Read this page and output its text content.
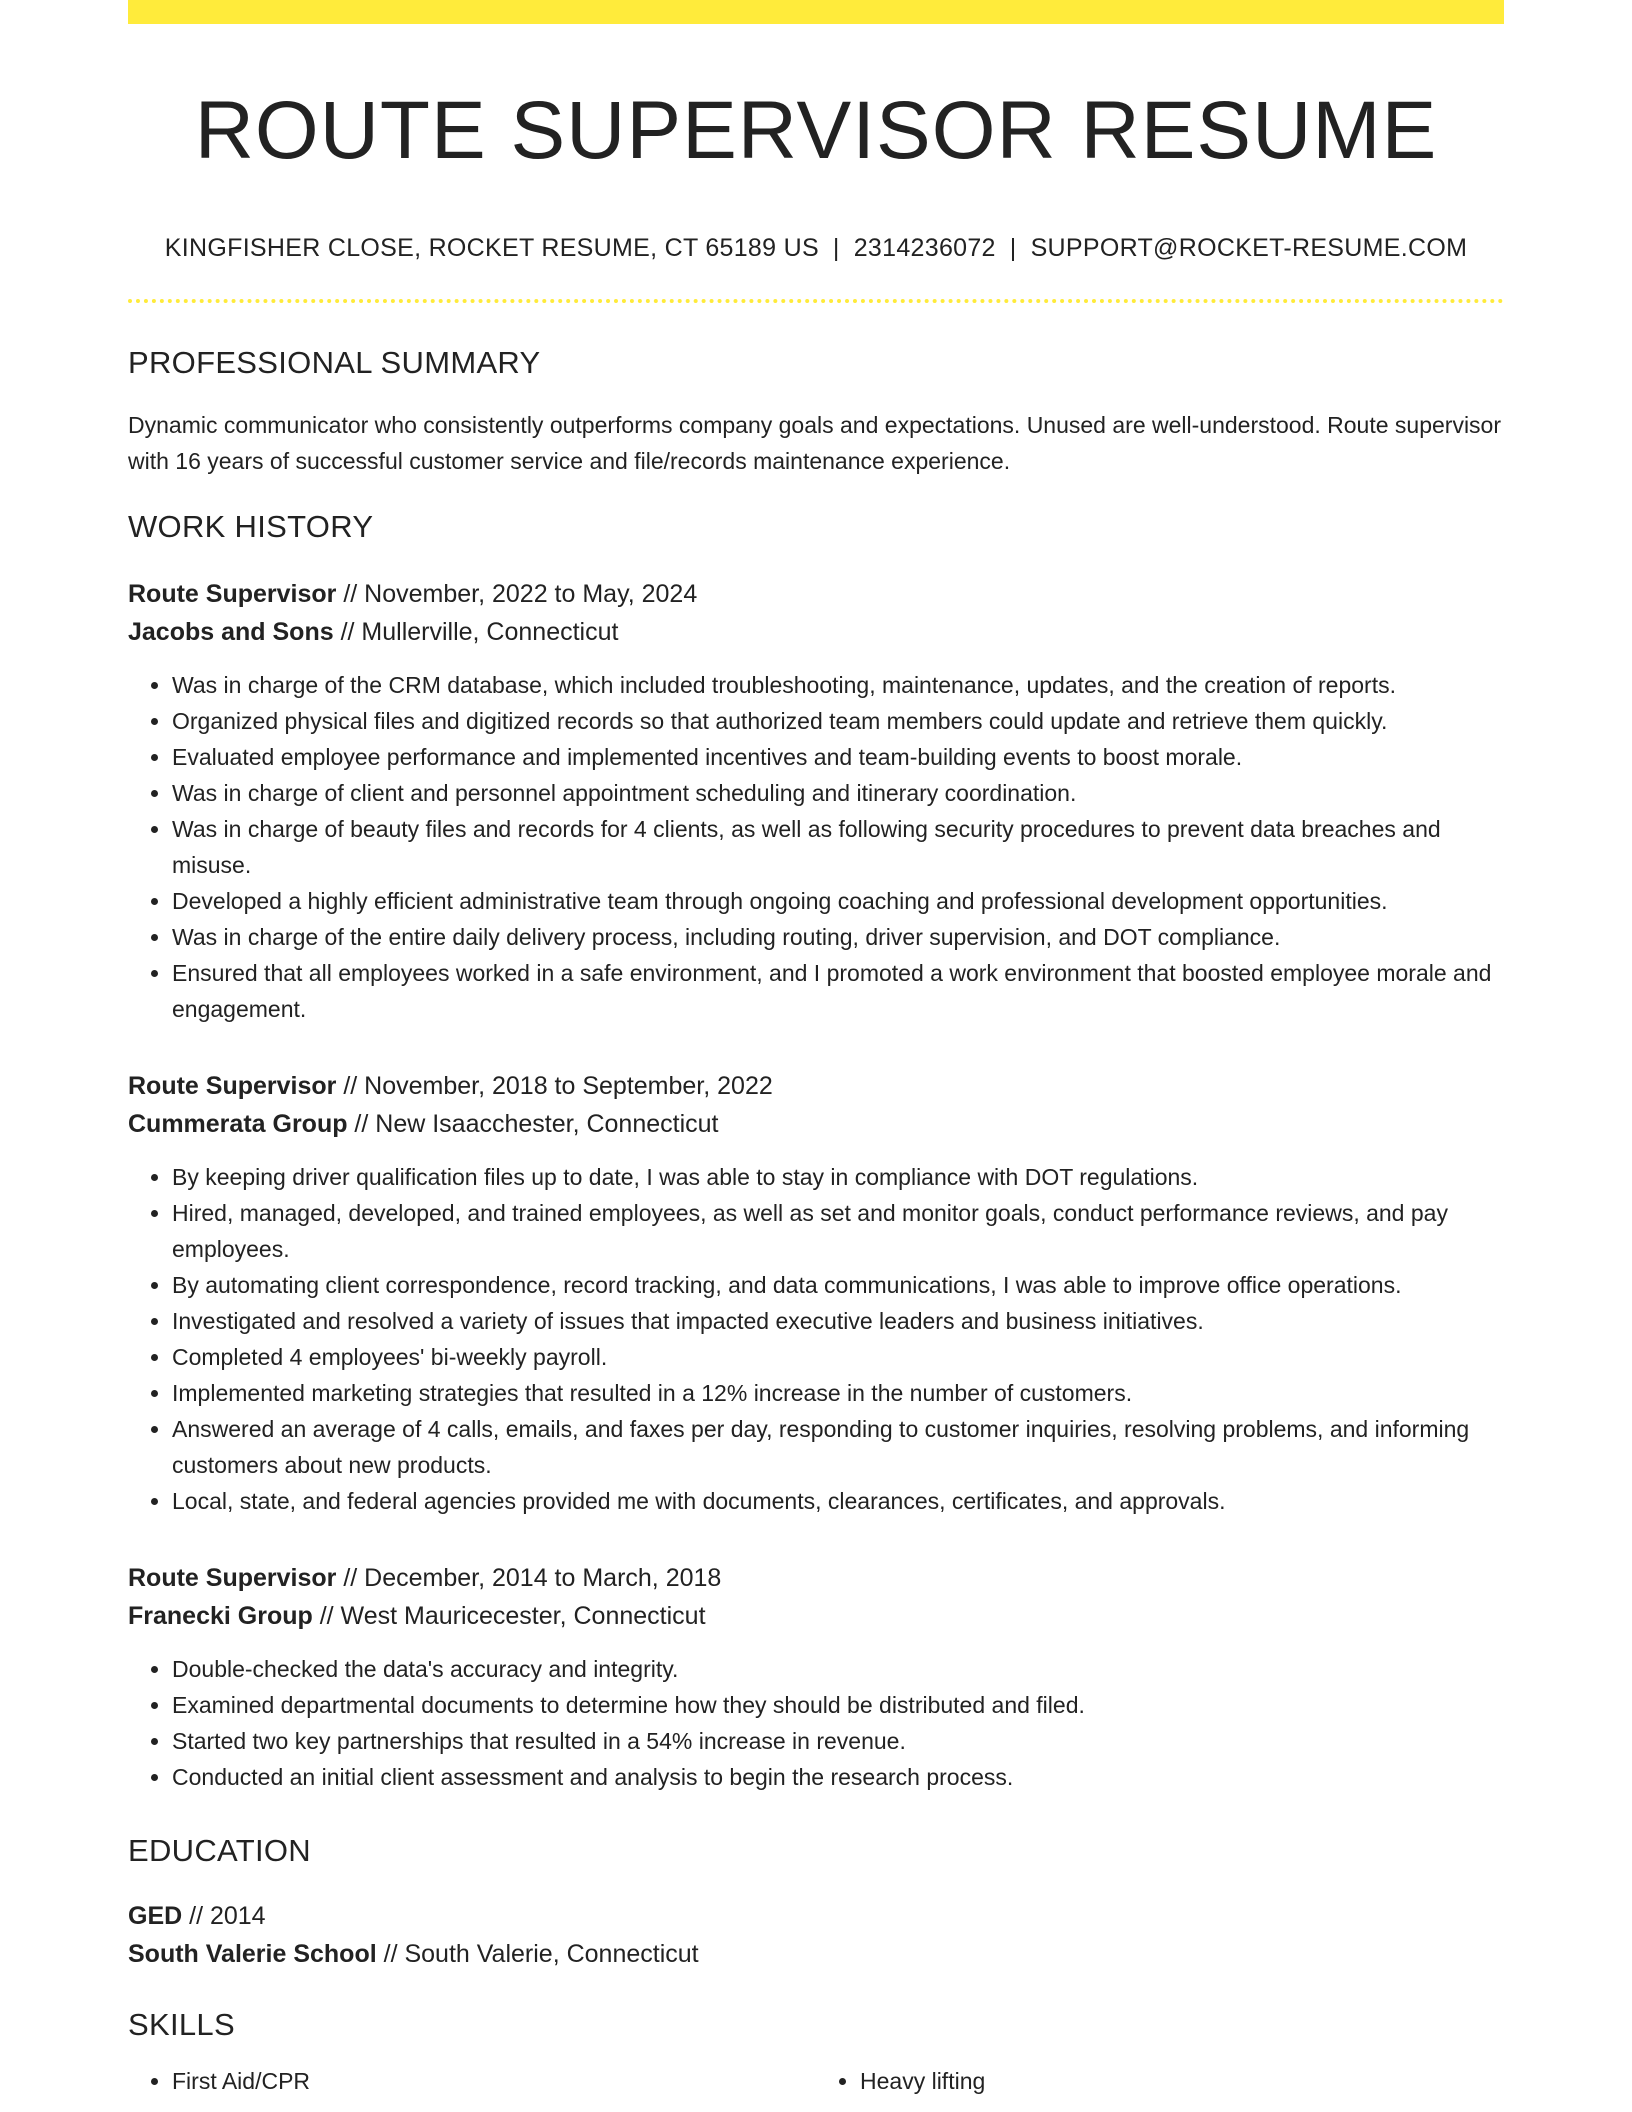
ROUTE SUPERVISOR RESUME
KINGFISHER CLOSE, ROCKET RESUME, CT 65189 US | 2314236072 | SUPPORT@ROCKET-RESUME.COM
PROFESSIONAL SUMMARY
Dynamic communicator who consistently outperforms company goals and expectations. Unused are well-understood. Route supervisor with 16 years of successful customer service and file/records maintenance experience.
WORK HISTORY
Route Supervisor // November, 2022 to May, 2024
Jacobs and Sons // Mullerville, Connecticut
• Was in charge of the CRM database, which included troubleshooting, maintenance, updates, and the creation of reports.
• Organized physical files and digitized records so that authorized team members could update and retrieve them quickly.
• Evaluated employee performance and implemented incentives and team-building events to boost morale.
• Was in charge of client and personnel appointment scheduling and itinerary coordination.
• Was in charge of beauty files and records for 4 clients, as well as following security procedures to prevent data breaches and misuse.
• Developed a highly efficient administrative team through ongoing coaching and professional development opportunities.
• Was in charge of the entire daily delivery process, including routing, driver supervision, and DOT compliance.
• Ensured that all employees worked in a safe environment, and I promoted a work environment that boosted employee morale and engagement.
Route Supervisor // November, 2018 to September, 2022
Cummerata Group // New Isaacchester, Connecticut
• By keeping driver qualification files up to date, I was able to stay in compliance with DOT regulations.
• Hired, managed, developed, and trained employees, as well as set and monitor goals, conduct performance reviews, and pay employees.
• By automating client correspondence, record tracking, and data communications, I was able to improve office operations.
• Investigated and resolved a variety of issues that impacted executive leaders and business initiatives.
• Completed 4 employees' bi-weekly payroll.
• Implemented marketing strategies that resulted in a 12% increase in the number of customers.
• Answered an average of 4 calls, emails, and faxes per day, responding to customer inquiries, resolving problems, and informing customers about new products.
• Local, state, and federal agencies provided me with documents, clearances, certificates, and approvals.
Route Supervisor // December, 2014 to March, 2018
Franecki Group // West Mauricecester, Connecticut
• Double-checked the data's accuracy and integrity.
• Examined departmental documents to determine how they should be distributed and filed.
• Started two key partnerships that resulted in a 54% increase in revenue.
• Conducted an initial client assessment and analysis to begin the research process.
EDUCATION
GED // 2014
South Valerie School // South Valerie, Connecticut
SKILLS
• First Aid/CPR
•	Heavy lifting
